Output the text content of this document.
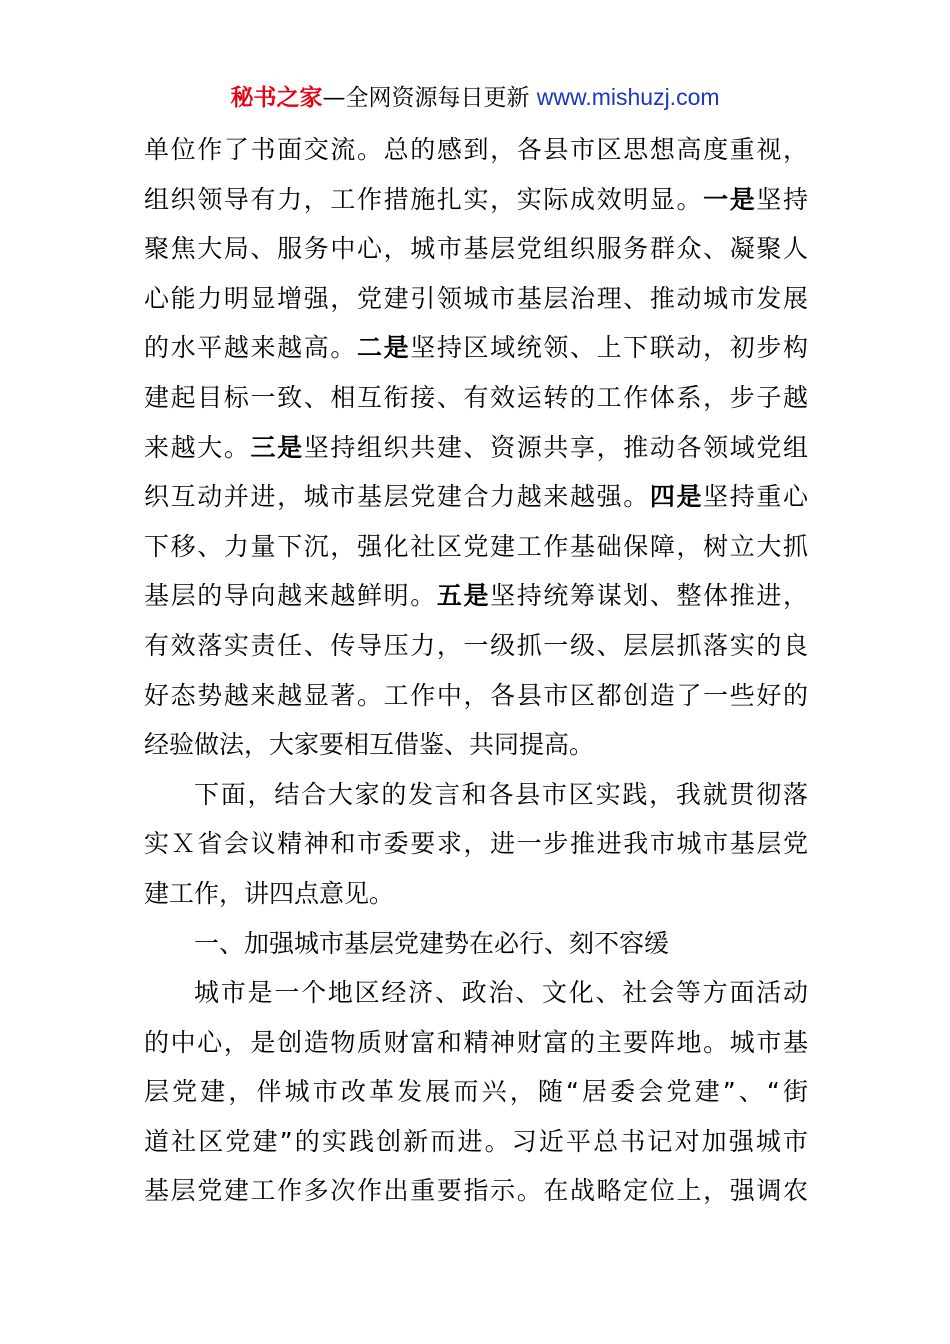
秘书之家—全网资源每日更新 www.mishuzj.com
单位作了书面交流。总的感到，各县市区思想高度重视，
组织领导有力，工作措施扎实，实际成效明显。一是坚持
聚焦大局、服务中心，城市基层党组织服务群众、凝聚人
心能力明显增强，党建引领城市基层治理、推动城市发展
的水平越来越高。二是坚持区域统领、上下联动，初步构
建起目标一致、相互衔接、有效运转的工作体系，步子越
来越大。三是坚持组织共建、资源共享，推动各领域党组
织互动并进，城市基层党建合力越来越强。四是坚持重心
下移、力量下沉，强化社区党建工作基础保障，树立大抓
基层的导向越来越鲜明。五是坚持统筹谋划、整体推进，
有效落实责任、传导压力，一级抓一级、层层抓落实的良
好态势越来越显著。工作中，各县市区都创造了一些好的
经验做法，大家要相互借鉴、共同提高。
下面，结合大家的发言和各县市区实践，我就贯彻落
实Ｘ省会议精神和市委要求，进一步推进我市城市基层党
建工作，讲四点意见。
一、加强城市基层党建势在必行、刻不容缓
城市是一个地区经济、政治、文化、社会等方面活动
的中心，是创造物质财富和精神财富的主要阵地。城市基
层党建，伴城市改革发展而兴，随“居委会党建”、“街
道社区党建”的实践创新而进。习近平总书记对加强城市
基层党建工作多次作出重要指示。在战略定位上，强调农
